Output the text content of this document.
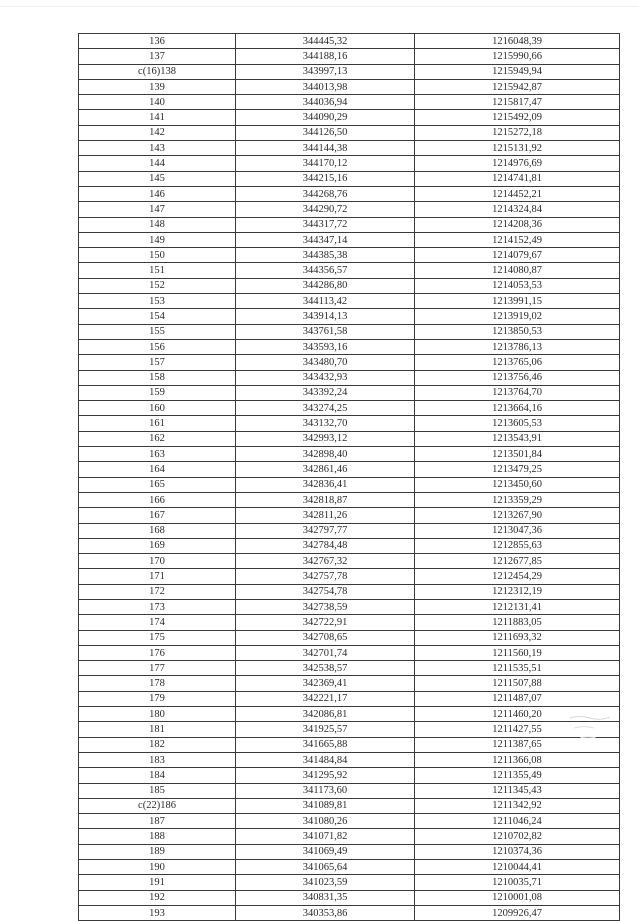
136	344445,32	1216048,39
137	344188,16	1215990,66
c(16)138	343997,13	1215949,94
139	344013,98	1215942,87
140	344036,94	1215817,47
141	344090,29	1215492,09
142	344126,50	1215272,18
143	344144,38	1215131,92
144	344170,12	1214976,69
145	344215,16	1214741,81
146	344268,76	1214452,21
147	344290,72	1214324,84
148	344317,72	1214208,36
149	344347,14	1214152,49
150	344385,38	1214079,67
151	344356,57	1214080,87
152	344286,80	1214053,53
153	344113,42	1213991,15
154	343914,13	1213919,02
155	343761,58	1213850,53
156	343593,16	1213786,13
157	343480,70	1213765,06
158	343432,93	1213756,46
159	343392,24	1213764,70
160	343274,25	1213664,16
161	343132,70	1213605,53
162	342993,12	1213543,91
163	342898,40	1213501,84
164	342861,46	1213479,25
165	342836,41	1213450,60
166	342818,87	1213359,29
167	342811,26	1213267,90
168	342797,77	1213047,36
169	342784,48	1212855,63
170	342767,32	1212677,85
171	342757,78	1212454,29
172	342754,78	1212312,19
173	342738,59	1212131,41
174	342722,91	1211883,05
175	342708,65	1211693,32
176	342701,74	1211560,19
177	342538,57	1211535,51
178	342369,41	1211507,88
179	342221,17	1211487,07
180	342086,81	1211460,20
181	341925,57	1211427,55
182	341665,88	1211387,65
183	341484,84	1211366,08
184	341295,92	1211355,49
185	341173,60	1211345,43
c(22)186	341089,81	1211342,92
187	341080,26	1211046,24
188	341071,82	1210702,82
189	341069,49	1210374,36
190	341065,64	1210044,41
191	341023,59	1210035,71
192	340831,35	1210001,08
193	340353,86	1209926,47
